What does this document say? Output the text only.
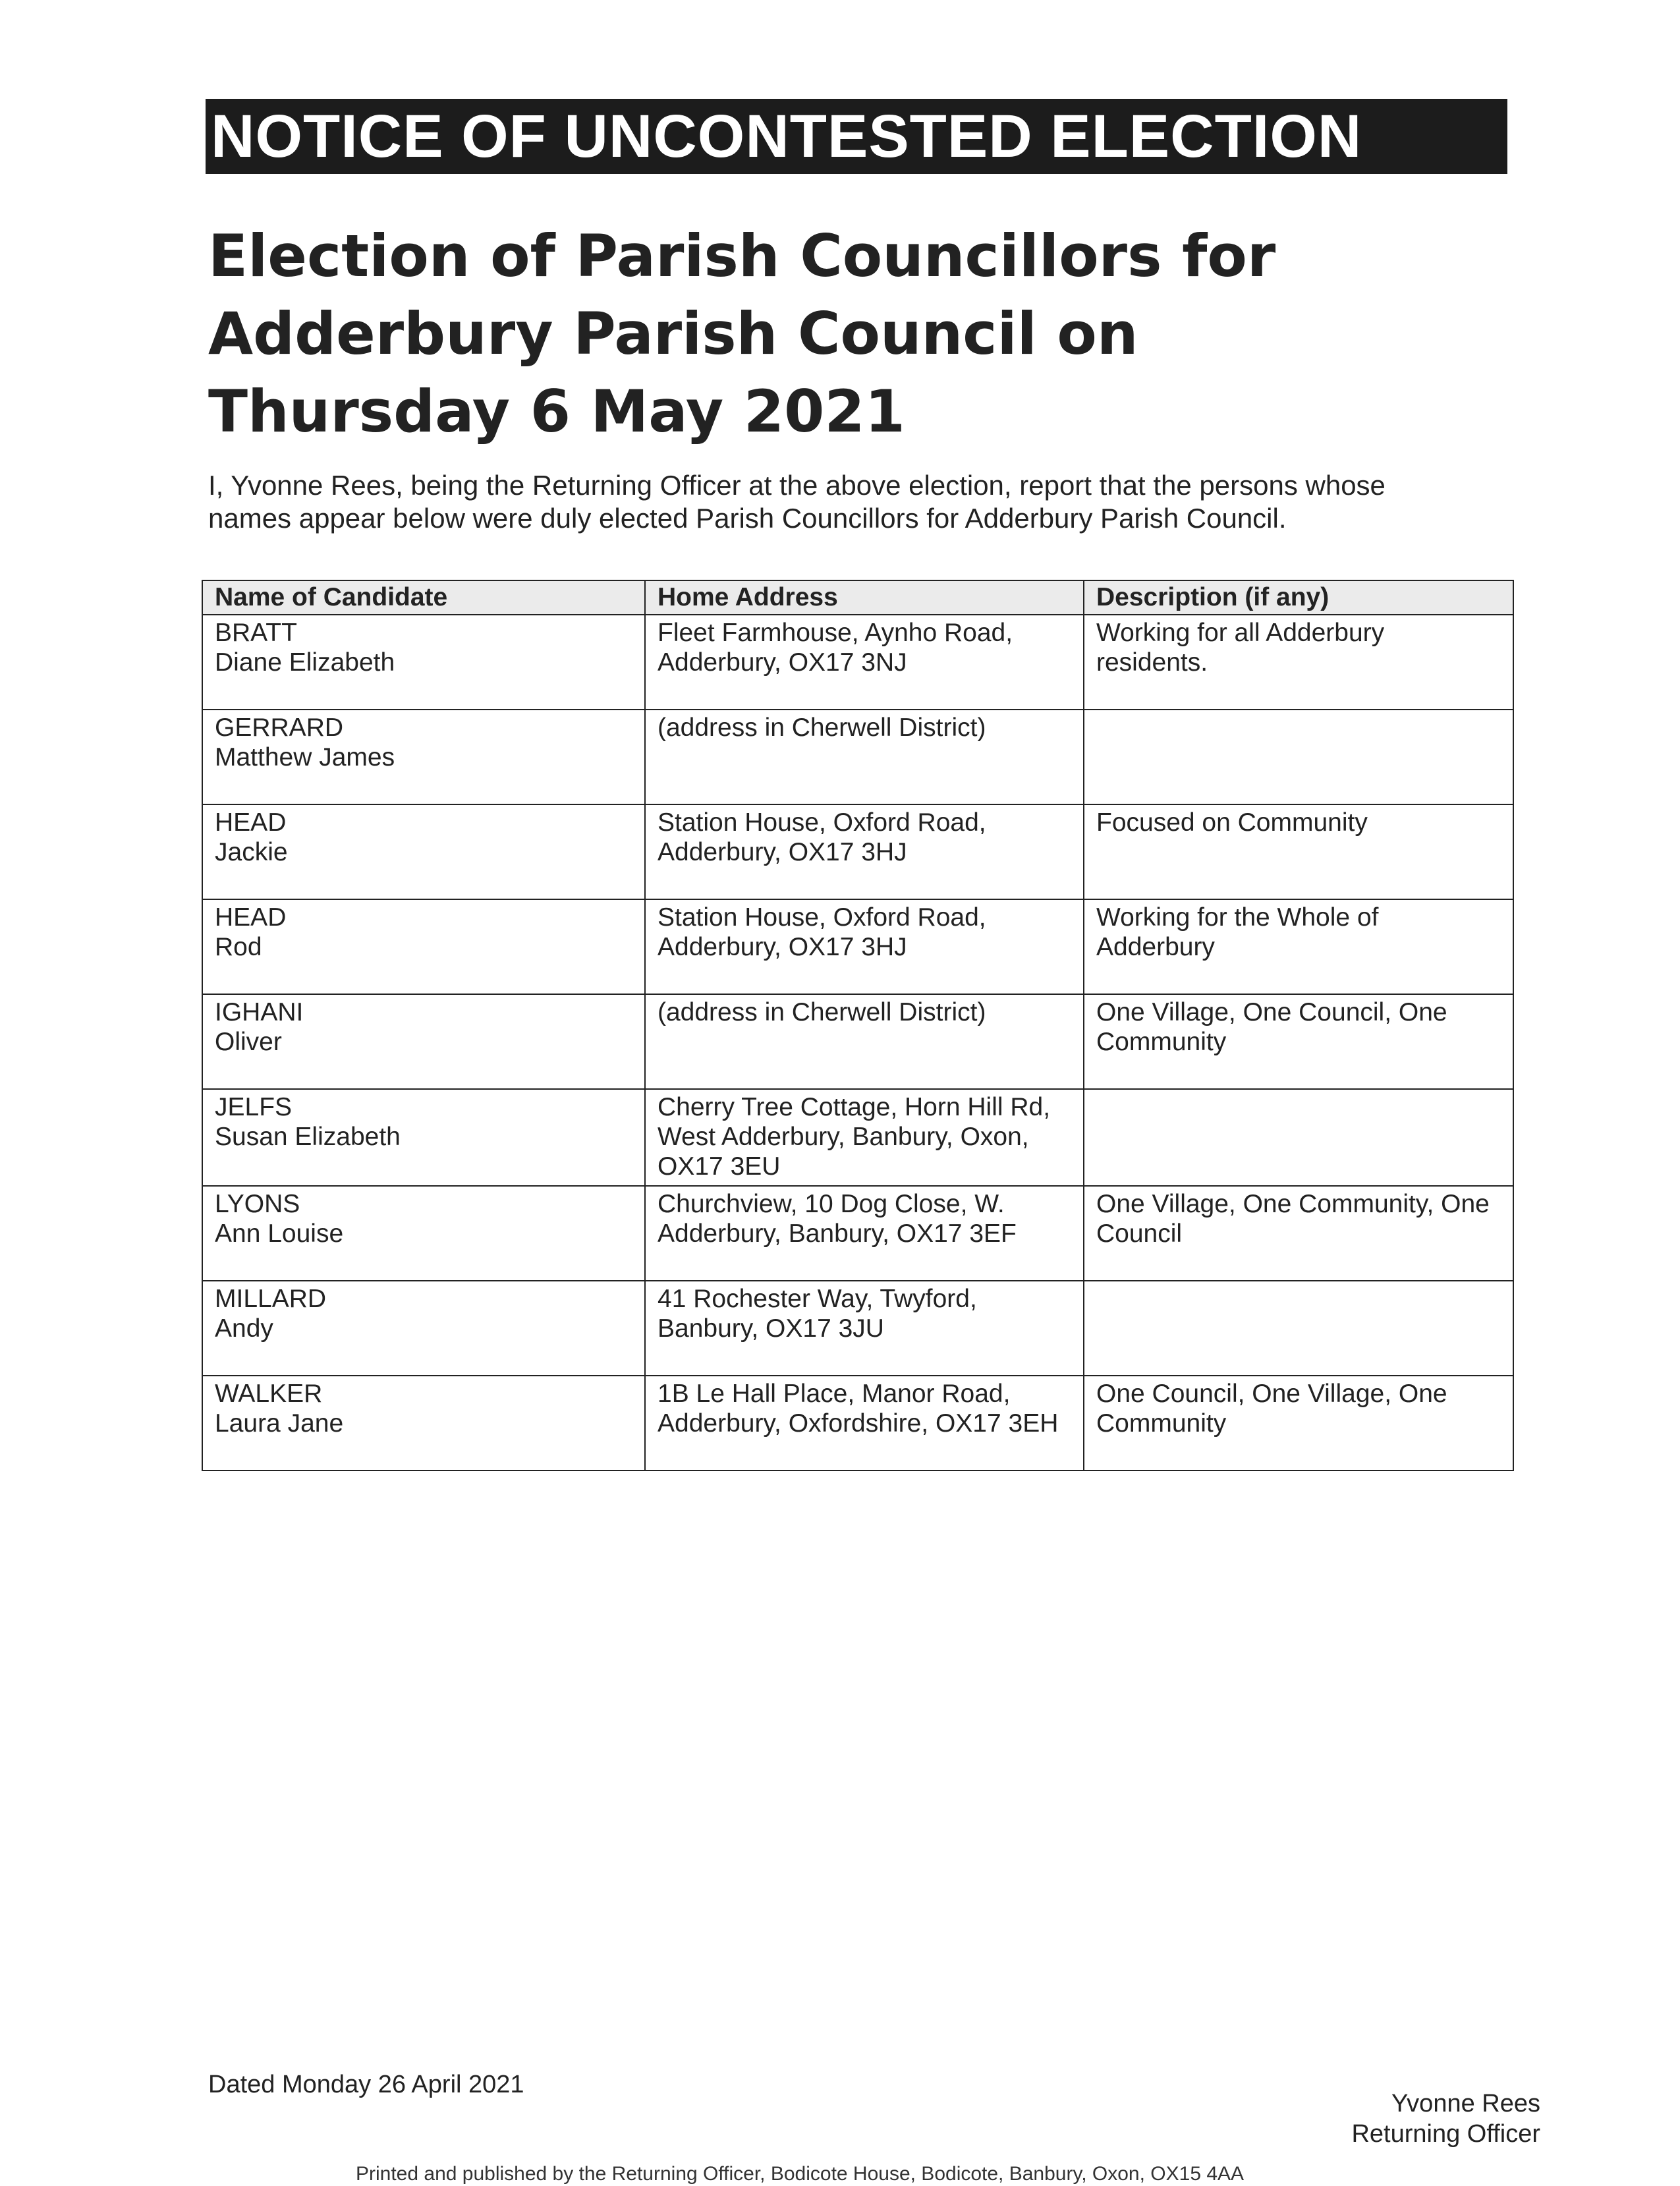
NOTICE OF UNCONTESTED ELECTION
Election of Parish Councillors for
Adderbury Parish Council on
Thursday 6 May 2021
I, Yvonne Rees, being the Returning Officer at the above election, report that the persons whose
names appear below were duly elected Parish Councillors for Adderbury Parish Council.
Name of Candidate	Home Address	Description (if any)

BRATT
Diane Elizabeth	Fleet Farmhouse, Aynho Road, Adderbury, OX17 3NJ	Working for all Adderbury residents.

GERRARD
Matthew James	(address in Cherwell District)	

HEAD
Jackie	Station House, Oxford Road, Adderbury, OX17 3HJ	Focused on Community

HEAD
Rod	Station House, Oxford Road, Adderbury, OX17 3HJ	Working for the Whole of Adderbury

IGHANI
Oliver	(address in Cherwell District)	One Village, One Council, One Community

JELFS
Susan Elizabeth	Cherry Tree Cottage, Horn Hill Rd, West Adderbury, Banbury, Oxon, OX17 3EU	

LYONS
Ann Louise	Churchview, 10 Dog Close, W. Adderbury, Banbury, OX17 3EF	One Village, One Community, One Council

MILLARD
Andy	41 Rochester Way, Twyford, Banbury, OX17 3JU	

WALKER
Laura Jane	1B Le Hall Place, Manor Road, Adderbury, Oxfordshire, OX17 3EH	One Council, One Village, One Community
Dated Monday 26 April 2021
Yvonne Rees
Returning Officer
Printed and published by the Returning Officer, Bodicote House, Bodicote, Banbury, Oxon, OX15 4AA
